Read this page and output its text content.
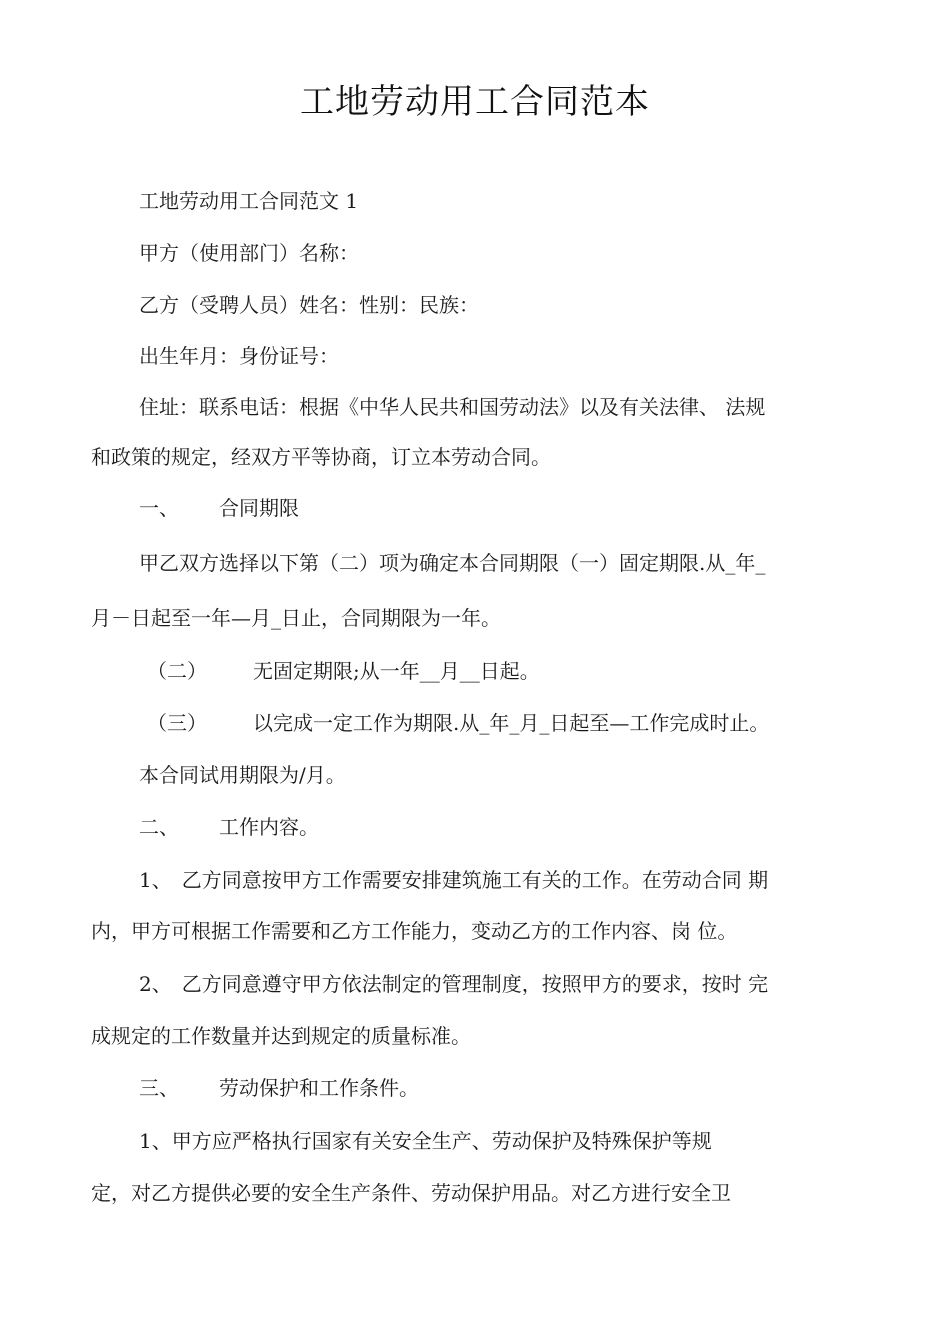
工地劳动用工合同范本
工地劳动用工合同范文 1
甲方（使用部门）名称：
乙方（受聘人员）姓名：性别：民族：
出生年月：身份证号：
住址：联系电话：根据《中华人民共和国劳动法》以及有关法律、 法规
和政策的规定，经双方平等协商，订立本劳动合同。
一、 合同期限
甲乙双方选择以下第（二）项为确定本合同期限（一）固定期限.从_年_
月－日起至一年—月_日止，合同期限为一年。
（二） 无固定期限;从一年__月__日起。
（三） 以完成一定工作为期限.从_年_月_日起至—工作完成时止。
本合同试用期限为/月。
二、 工作内容。
1、 乙方同意按甲方工作需要安排建筑施工有关的工作。在劳动合同 期
内，甲方可根据工作需要和乙方工作能力，变动乙方的工作内容、岗 位。
2、 乙方同意遵守甲方依法制定的管理制度，按照甲方的要求，按时 完
成规定的工作数量并达到规定的质量标准。
三、 劳动保护和工作条件。
1、甲方应严格执行国家有关安全生产、劳动保护及特殊保护等规
定，对乙方提供必要的安全生产条件、劳动保护用品。对乙方进行安全卫
